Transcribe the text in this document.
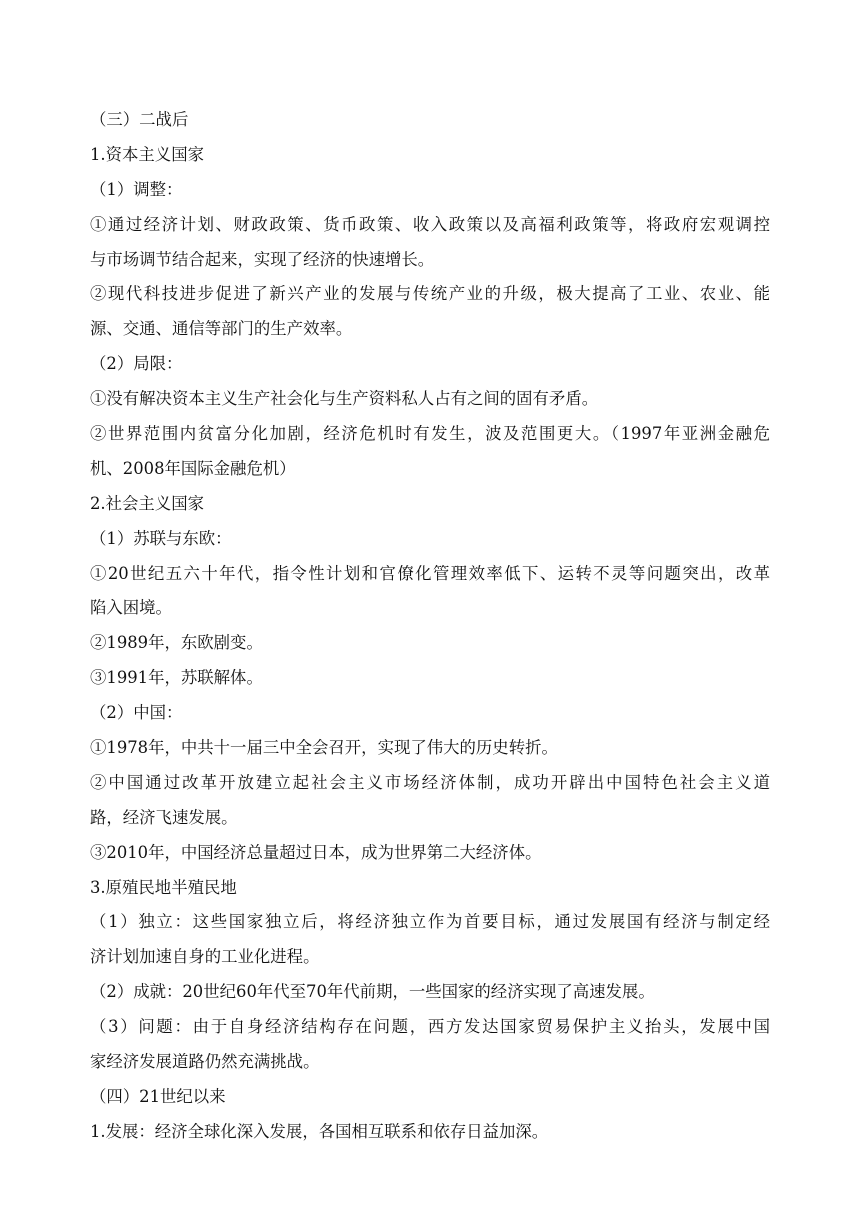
（三）二战后
1.资本主义国家
（1）调整：
①通过经济计划、财政政策、货币政策、收入政策以及高福利政策等，将政府宏观调控
与市场调节结合起来，实现了经济的快速增长。
②现代科技进步促进了新兴产业的发展与传统产业的升级，极大提高了工业、农业、能
源、交通、通信等部门的生产效率。
（2）局限：
①没有解决资本主义生产社会化与生产资料私人占有之间的固有矛盾。
②世界范围内贫富分化加剧，经济危机时有发生，波及范围更大。（1997年亚洲金融危
机、2008年国际金融危机）
2.社会主义国家
（1）苏联与东欧：
①20世纪五六十年代，指令性计划和官僚化管理效率低下、运转不灵等问题突出，改革
陷入困境。
②1989年，东欧剧变。
③1991年，苏联解体。
（2）中国：
①1978年，中共十一届三中全会召开，实现了伟大的历史转折。
②中国通过改革开放建立起社会主义市场经济体制，成功开辟出中国特色社会主义道
路，经济飞速发展。
③2010年，中国经济总量超过日本，成为世界第二大经济体。
3.原殖民地半殖民地
（1）独立：这些国家独立后，将经济独立作为首要目标，通过发展国有经济与制定经
济计划加速自身的工业化进程。
（2）成就：20世纪60年代至70年代前期，一些国家的经济实现了高速发展。
（3）问题：由于自身经济结构存在问题，西方发达国家贸易保护主义抬头，发展中国
家经济发展道路仍然充满挑战。
（四）21世纪以来
1.发展：经济全球化深入发展，各国相互联系和依存日益加深。
